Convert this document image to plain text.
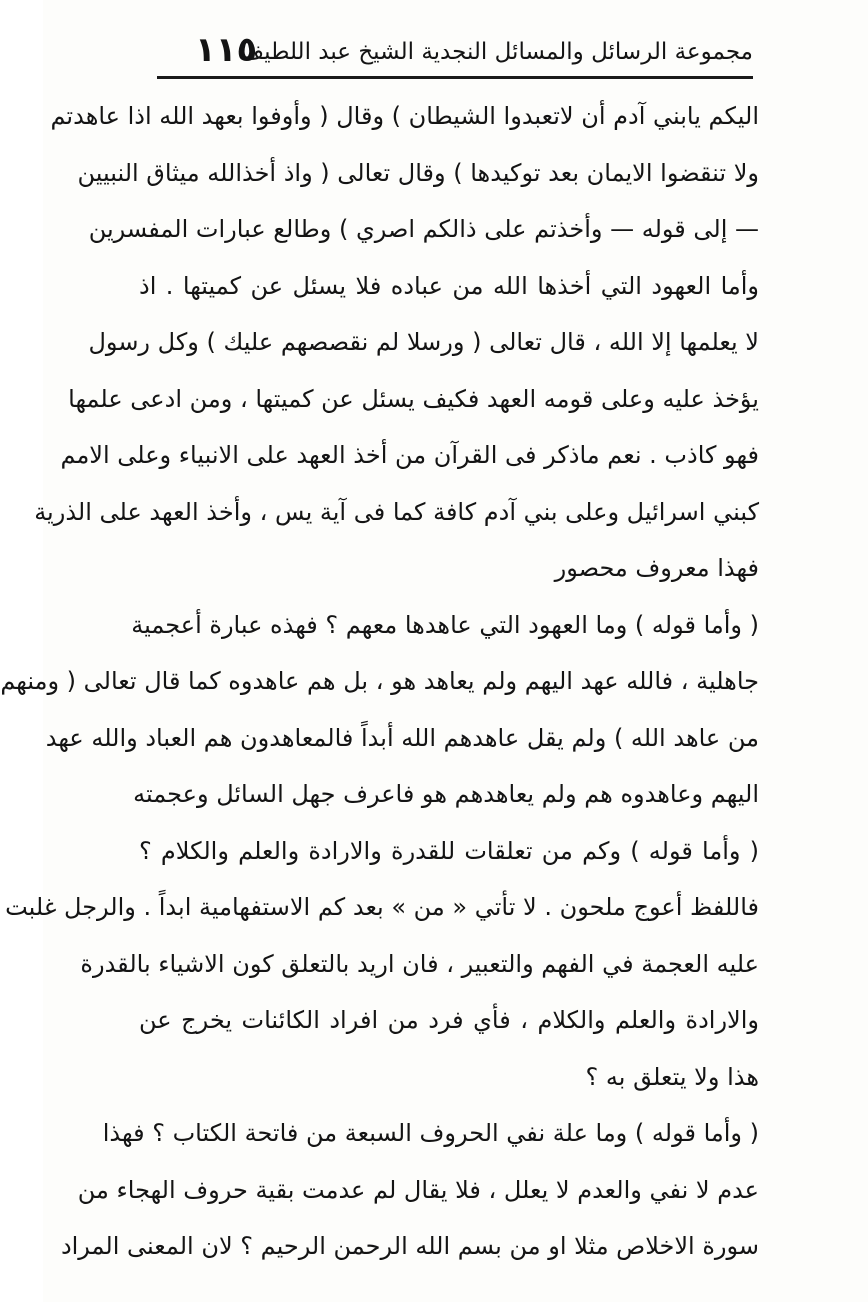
مجموعة الرسائل والمسائل النجدية الشيخ عبد اللطيف
١١٥
اليكم يابني آدم أن لاتعبدوا الشيطان ) وقال ( وأوفوا بعهد الله اذا عاهدتم
ولا تنقضوا الايمان بعد توكيدها ) وقال تعالى ( واذ أخذالله ميثاق النبيين
— إلى قوله — وأخذتم على ذالكم اصري ) وطالع عبارات المفسرين
وأما العهود التي أخذها الله من عباده فلا يسئل عن كميتها . اذ
لا يعلمها إلا الله ، قال تعالى ( ورسلا لم نقصصهم عليك ) وكل رسول
يؤخذ عليه وعلى قومه العهد فكيف يسئل عن كميتها ، ومن ادعى علمها
فهو كاذب . نعم ماذكر فى القرآن من أخذ العهد على الانبياء وعلى الامم
كبني اسرائيل وعلى بني آدم كافة كما فى آية يس ، وأخذ العهد على الذرية
فهذا معروف محصور
( وأما قوله ) وما العهود التي عاهدها معهم ؟ فهذه عبارة أعجمية
جاهلية ، فالله عهد اليهم ولم يعاهد هو ، بل هم عاهدوه كما قال تعالى ( ومنهم
من عاهد الله ) ولم يقل عاهدهم الله أبداً فالمعاهدون هم العباد والله عهد
اليهم وعاهدوه هم ولم يعاهدهم هو فاعرف جهل السائل وعجمته
( وأما قوله ) وكم من تعلقات للقدرة والارادة والعلم والكلام ؟
فاللفظ أعوج ملحون . لا تأتي « من » بعد كم الاستفهامية ابداً . والرجل غلبت
عليه العجمة في الفهم والتعبير ، فان اريد بالتعلق كون الاشياء بالقدرة
والارادة والعلم والكلام ، فأي فرد من افراد الكائنات يخرج عن
هذا ولا يتعلق به ؟
( وأما قوله ) وما علة نفي الحروف السبعة من فاتحة الكتاب ؟ فهذا
عدم لا نفي والعدم لا يعلل ، فلا يقال لم عدمت بقية حروف الهجاء من
سورة الاخلاص مثلا او من بسم الله الرحمن الرحيم ؟ لان المعنى المراد
